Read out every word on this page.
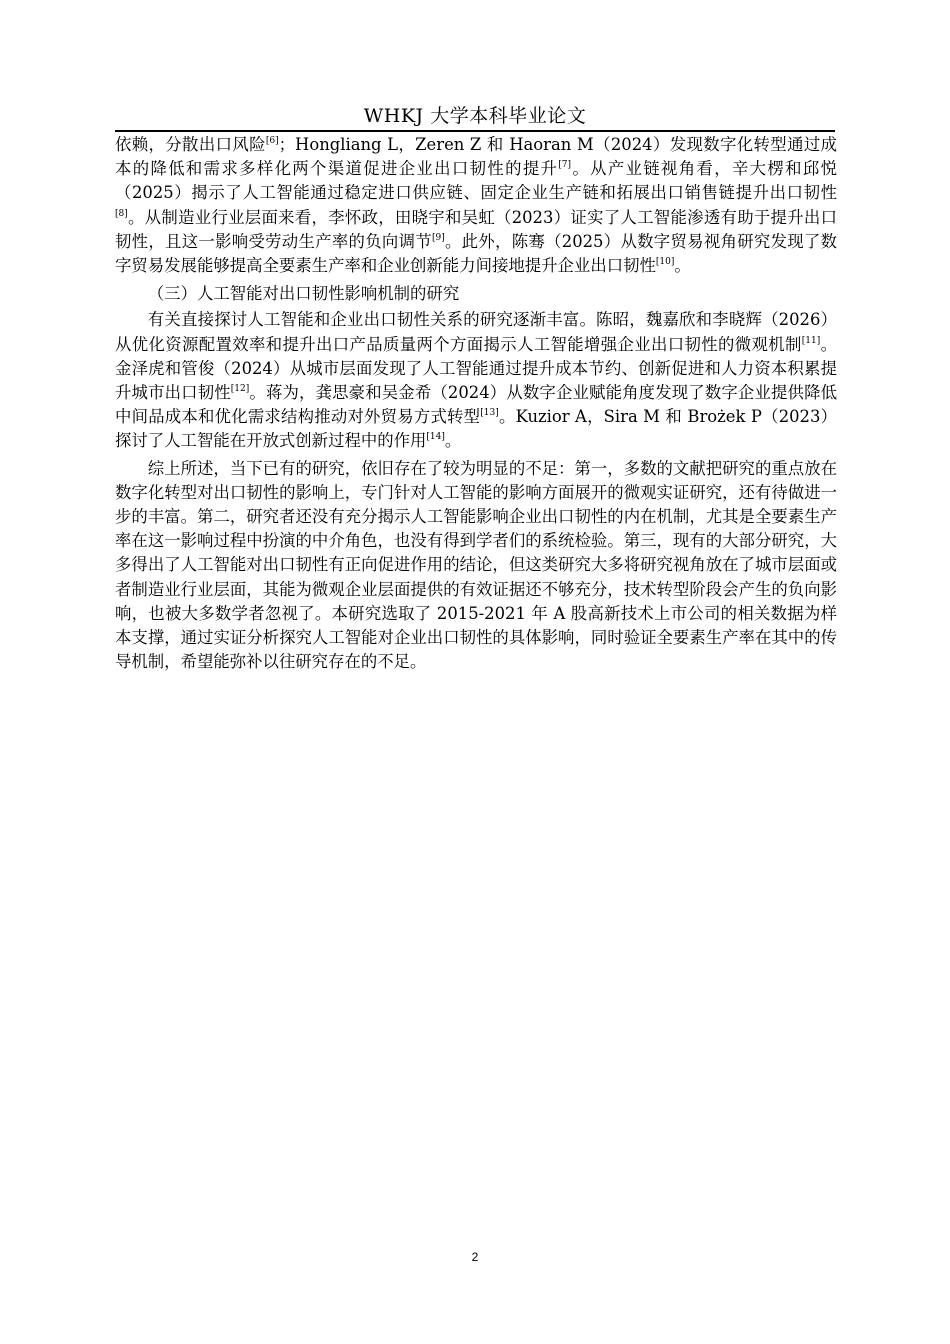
WHKJ 大学本科毕业论文

依赖，分散出口风险[6]；Hongliang L，Zeren Z 和 Haoran M（2024）发现数字化转型通过成本的降低和需求多样化两个渠道促进企业出口韧性的提升[7]。从产业链视角看，辛大楞和邱悦（2025）揭示了人工智能通过稳定进口供应链、固定企业生产链和拓展出口销售链提升出口韧性[8]。从制造业行业层面来看，李怀政，田晓宇和吴虹（2023）证实了人工智能渗透有助于提升出口韧性，且这一影响受劳动生产率的负向调节[9]。此外，陈骞（2025）从数字贸易视角研究发现了数字贸易发展能够提高全要素生产率和企业创新能力间接地提升企业出口韧性[10]。

（三）人工智能对出口韧性影响机制的研究

有关直接探讨人工智能和企业出口韧性关系的研究逐渐丰富。陈昭，魏嘉欣和李晓辉（2026）从优化资源配置效率和提升出口产品质量两个方面揭示人工智能增强企业出口韧性的微观机制[11]。金泽虎和管俊（2024）从城市层面发现了人工智能通过提升成本节约、创新促进和人力资本积累提升城市出口韧性[12]。蒋为，龚思豪和吴金希（2024）从数字企业赋能角度发现了数字企业提供降低中间品成本和优化需求结构推动对外贸易方式转型[13]。Kuzior A，Sira M 和 Brożek P（2023）探讨了人工智能在开放式创新过程中的作用[14]。

综上所述，当下已有的研究，依旧存在了较为明显的不足：第一，多数的文献把研究的重点放在数字化转型对出口韧性的影响上，专门针对人工智能的影响方面展开的微观实证研究，还有待做进一步的丰富。第二，研究者还没有充分揭示人工智能影响企业出口韧性的内在机制，尤其是全要素生产率在这一影响过程中扮演的中介角色，也没有得到学者们的系统检验。第三，现有的大部分研究，大多得出了人工智能对出口韧性有正向促进作用的结论，但这类研究大多将研究视角放在了城市层面或者制造业行业层面，其能为微观企业层面提供的有效证据还不够充分，技术转型阶段会产生的负向影响，也被大多数学者忽视了。本研究选取了 2015-2021 年 A 股高新技术上市公司的相关数据为样本支撑，通过实证分析探究人工智能对企业出口韧性的具体影响，同时验证全要素生产率在其中的传导机制，希望能弥补以往研究存在的不足。

2
